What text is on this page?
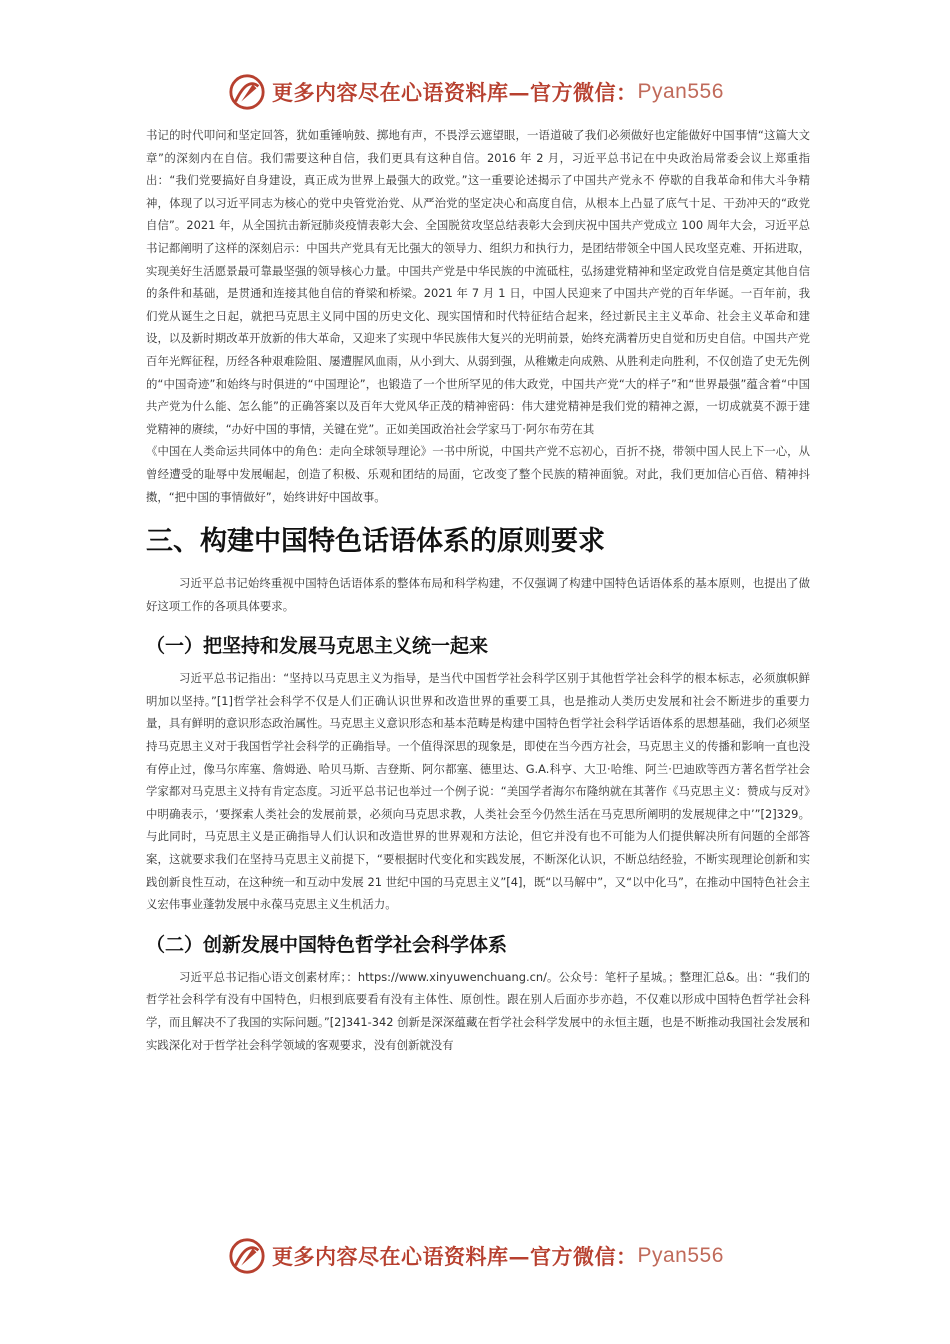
更多内容尽在心语资料库—官方微信： Pyan556

书记的时代叩问和坚定回答，犹如重锤响鼓、掷地有声，不畏浮云遮望眼，一语道破了我们必须做好也定能做好中国事情“这篇大文章”的深刻内在自信。我们需要这种自信，我们更具有这种自信。2016 年 2 月，习近平总书记在中央政治局常委会议上郑重指出：“我们党要搞好自身建设，真正成为世界上最强大的政党。”这一重要论述揭示了中国共产党永不 停歇的自我革命和伟大斗争精神，体现了以习近平同志为核心的党中央管党治党、从严治党的坚定决心和高度自信，从根本上凸显了底气十足、干劲冲天的“政党自信”。2021 年，从全国抗击新冠肺炎疫情表彰大会、全国脱贫攻坚总结表彰大会到庆祝中国共产党成立 100 周年大会，习近平总书记都阐明了这样的深刻启示：中国共产党具有无比强大的领导力、组织力和执行力，是团结带领全中国人民攻坚克难、开拓进取，实现美好生活愿景最可靠最坚强的领导核心力量。中国共产党是中华民族的中流砥柱，弘扬建党精神和坚定政党自信是奠定其他自信的条件和基础，是贯通和连接其他自信的脊梁和桥梁。2021 年 7 月 1 日，中国人民迎来了中国共产党的百年华诞。一百年前，我们党从诞生之日起，就把马克思主义同中国的历史文化、现实国情和时代特征结合起来，经过新民主主义革命、社会主义革命和建设，以及新时期改革开放新的伟大革命，又迎来了实现中华民族伟大复兴的光明前景，始终充满着历史自觉和历史自信。中国共产党百年光辉征程，历经各种艰难险阻、屡遭腥风血雨，从小到大、从弱到强，从稚嫩走向成熟、从胜利走向胜利，不仅创造了史无先例的“中国奇迹”和始终与时俱进的“中国理论”，也锻造了一个世所罕见的伟大政党，中国共产党“大的样子”和“世界最强”蕴含着“中国共产党为什么能、怎么能”的正确答案以及百年大党风华正茂的精神密码：伟大建党精神是我们党的精神之源，一切成就莫不源于建党精神的赓续，“办好中国的事情，关键在党”。正如美国政治社会学家马丁·阿尔布劳在其

《中国在人类命运共同体中的角色：走向全球领导理论》一书中所说，中国共产党不忘初心，百折不挠，带领中国人民上下一心，从曾经遭受的耻辱中发展崛起，创造了积极、乐观和团结的局面，它改变了整个民族的精神面貌。对此，我们更加信心百倍、精神抖擞，“把中国的事情做好”，始终讲好中国故事。

三、构建中国特色话语体系的原则要求

习近平总书记始终重视中国特色话语体系的整体布局和科学构建，不仅强调了构建中国特色话语体系的基本原则，也提出了做好这项工作的各项具体要求。

（一）把坚持和发展马克思主义统一起来

习近平总书记指出：“坚持以马克思主义为指导，是当代中国哲学社会科学区别于其他哲学社会科学的根本标志，必须旗帜鲜明加以坚持。”[1]哲学社会科学不仅是人们正确认识世界和改造世界的重要工具，也是推动人类历史发展和社会不断进步的重要力量，具有鲜明的意识形态政治属性。马克思主义意识形态和基本范畴是构建中国特色哲学社会科学话语体系的思想基础，我们必须坚持马克思主义对于我国哲学社会科学的正确指导。一个值得深思的现象是，即使在当今西方社会，马克思主义的传播和影响一直也没有停止过，像马尔库塞、詹姆逊、哈贝马斯、吉登斯、阿尔都塞、德里达、G.A.科亨、大卫·哈维、阿兰·巴迪欧等西方著名哲学社会学家都对马克思主义持有肯定态度。习近平总书记也举过一个例子说：“美国学者海尔布隆纳就在其著作《马克思主义：赞成与反对》中明确表示，‘要探索人类社会的发展前景，必须向马克思求教，人类社会至今仍然生活在马克思所阐明的发展规律之中’”[2]329。与此同时，马克思主义是正确指导人们认识和改造世界的世界观和方法论，但它并没有也不可能为人们提供解决所有问题的全部答案，这就要求我们在坚持马克思主义前提下，“要根据时代变化和实践发展，不断深化认识，不断总结经验，不断实现理论创新和实践创新良性互动，在这种统一和互动中发展 21 世纪中国的马克思主义”[4]，既“以马解中”，又“以中化马”，在推动中国特色社会主义宏伟事业蓬勃发展中永葆马克思主义生机活力。

（二）创新发展中国特色哲学社会科学体系

习近平总书记指心语文创素材库；：https://www.xinyuwenchuang.cn/。公众号：笔杆子星城。；整理汇总&。出：“我们的哲学社会科学有没有中国特色，归根到底要看有没有主体性、原创性。跟在别人后面亦步亦趋，不仅难以形成中国特色哲学社会科学，而且解决不了我国的实际问题。”[2]341-342 创新是深深蕴藏在哲学社会科学发展中的永恒主题，也是不断推动我国社会发展和实践深化对于哲学社会科学领域的客观要求，没有创新就没有

更多内容尽在心语资料库—官方微信： Pyan556
